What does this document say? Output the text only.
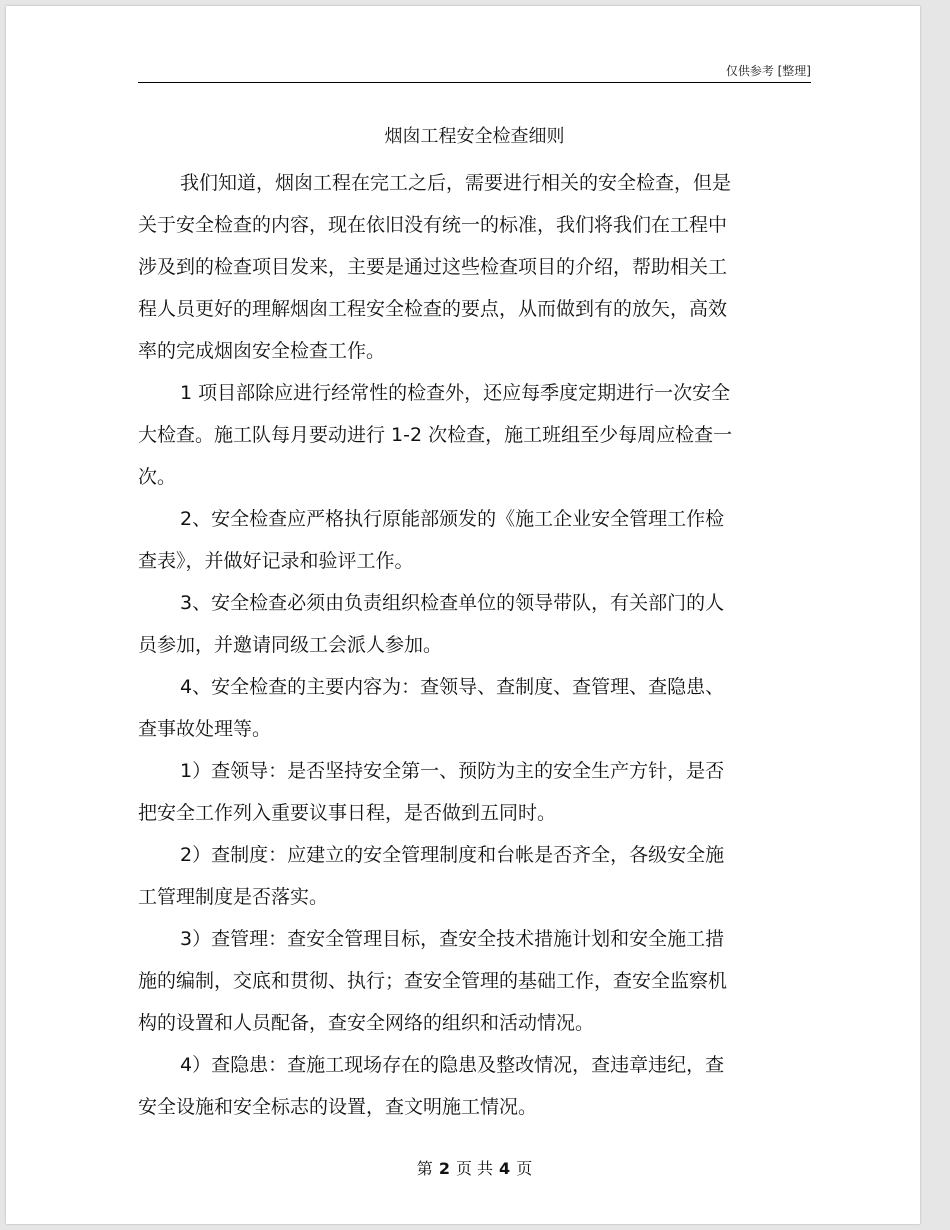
仅供参考 [整理]
烟囱工程安全检查细则

我们知道，烟囱工程在完工之后，需要进行相关的安全检查，但是
关于安全检查的内容，现在依旧没有统一的标准，我们将我们在工程中
涉及到的检查项目发来，主要是通过这些检查项目的介绍，帮助相关工
程人员更好的理解烟囱工程安全检查的要点，从而做到有的放矢，高效
率的完成烟囱安全检查工作。

1 项目部除应进行经常性的检查外，还应每季度定期进行一次安全
大检查。施工队每月要动进行 1-2 次检查，施工班组至少每周应检查一
次。

2、安全检查应严格执行原能部颁发的《施工企业安全管理工作检
查表》，并做好记录和验评工作。

3、安全检查必须由负责组织检查单位的领导带队，有关部门的人
员参加，并邀请同级工会派人参加。

4、安全检查的主要内容为：查领导、查制度、查管理、查隐患、
查事故处理等。

1）查领导：是否坚持安全第一、预防为主的安全生产方针，是否
把安全工作列入重要议事日程，是否做到五同时。

2）查制度：应建立的安全管理制度和台帐是否齐全，各级安全施
工管理制度是否落实。

3）查管理：查安全管理目标，查安全技术措施计划和安全施工措
施的编制，交底和贯彻、执行；查安全管理的基础工作，查安全监察机
构的设置和人员配备，查安全网络的组织和活动情况。

4）查隐患：查施工现场存在的隐患及整改情况，查违章违纪，查
安全设施和安全标志的设置，查文明施工情况。

第 2 页 共 4 页
